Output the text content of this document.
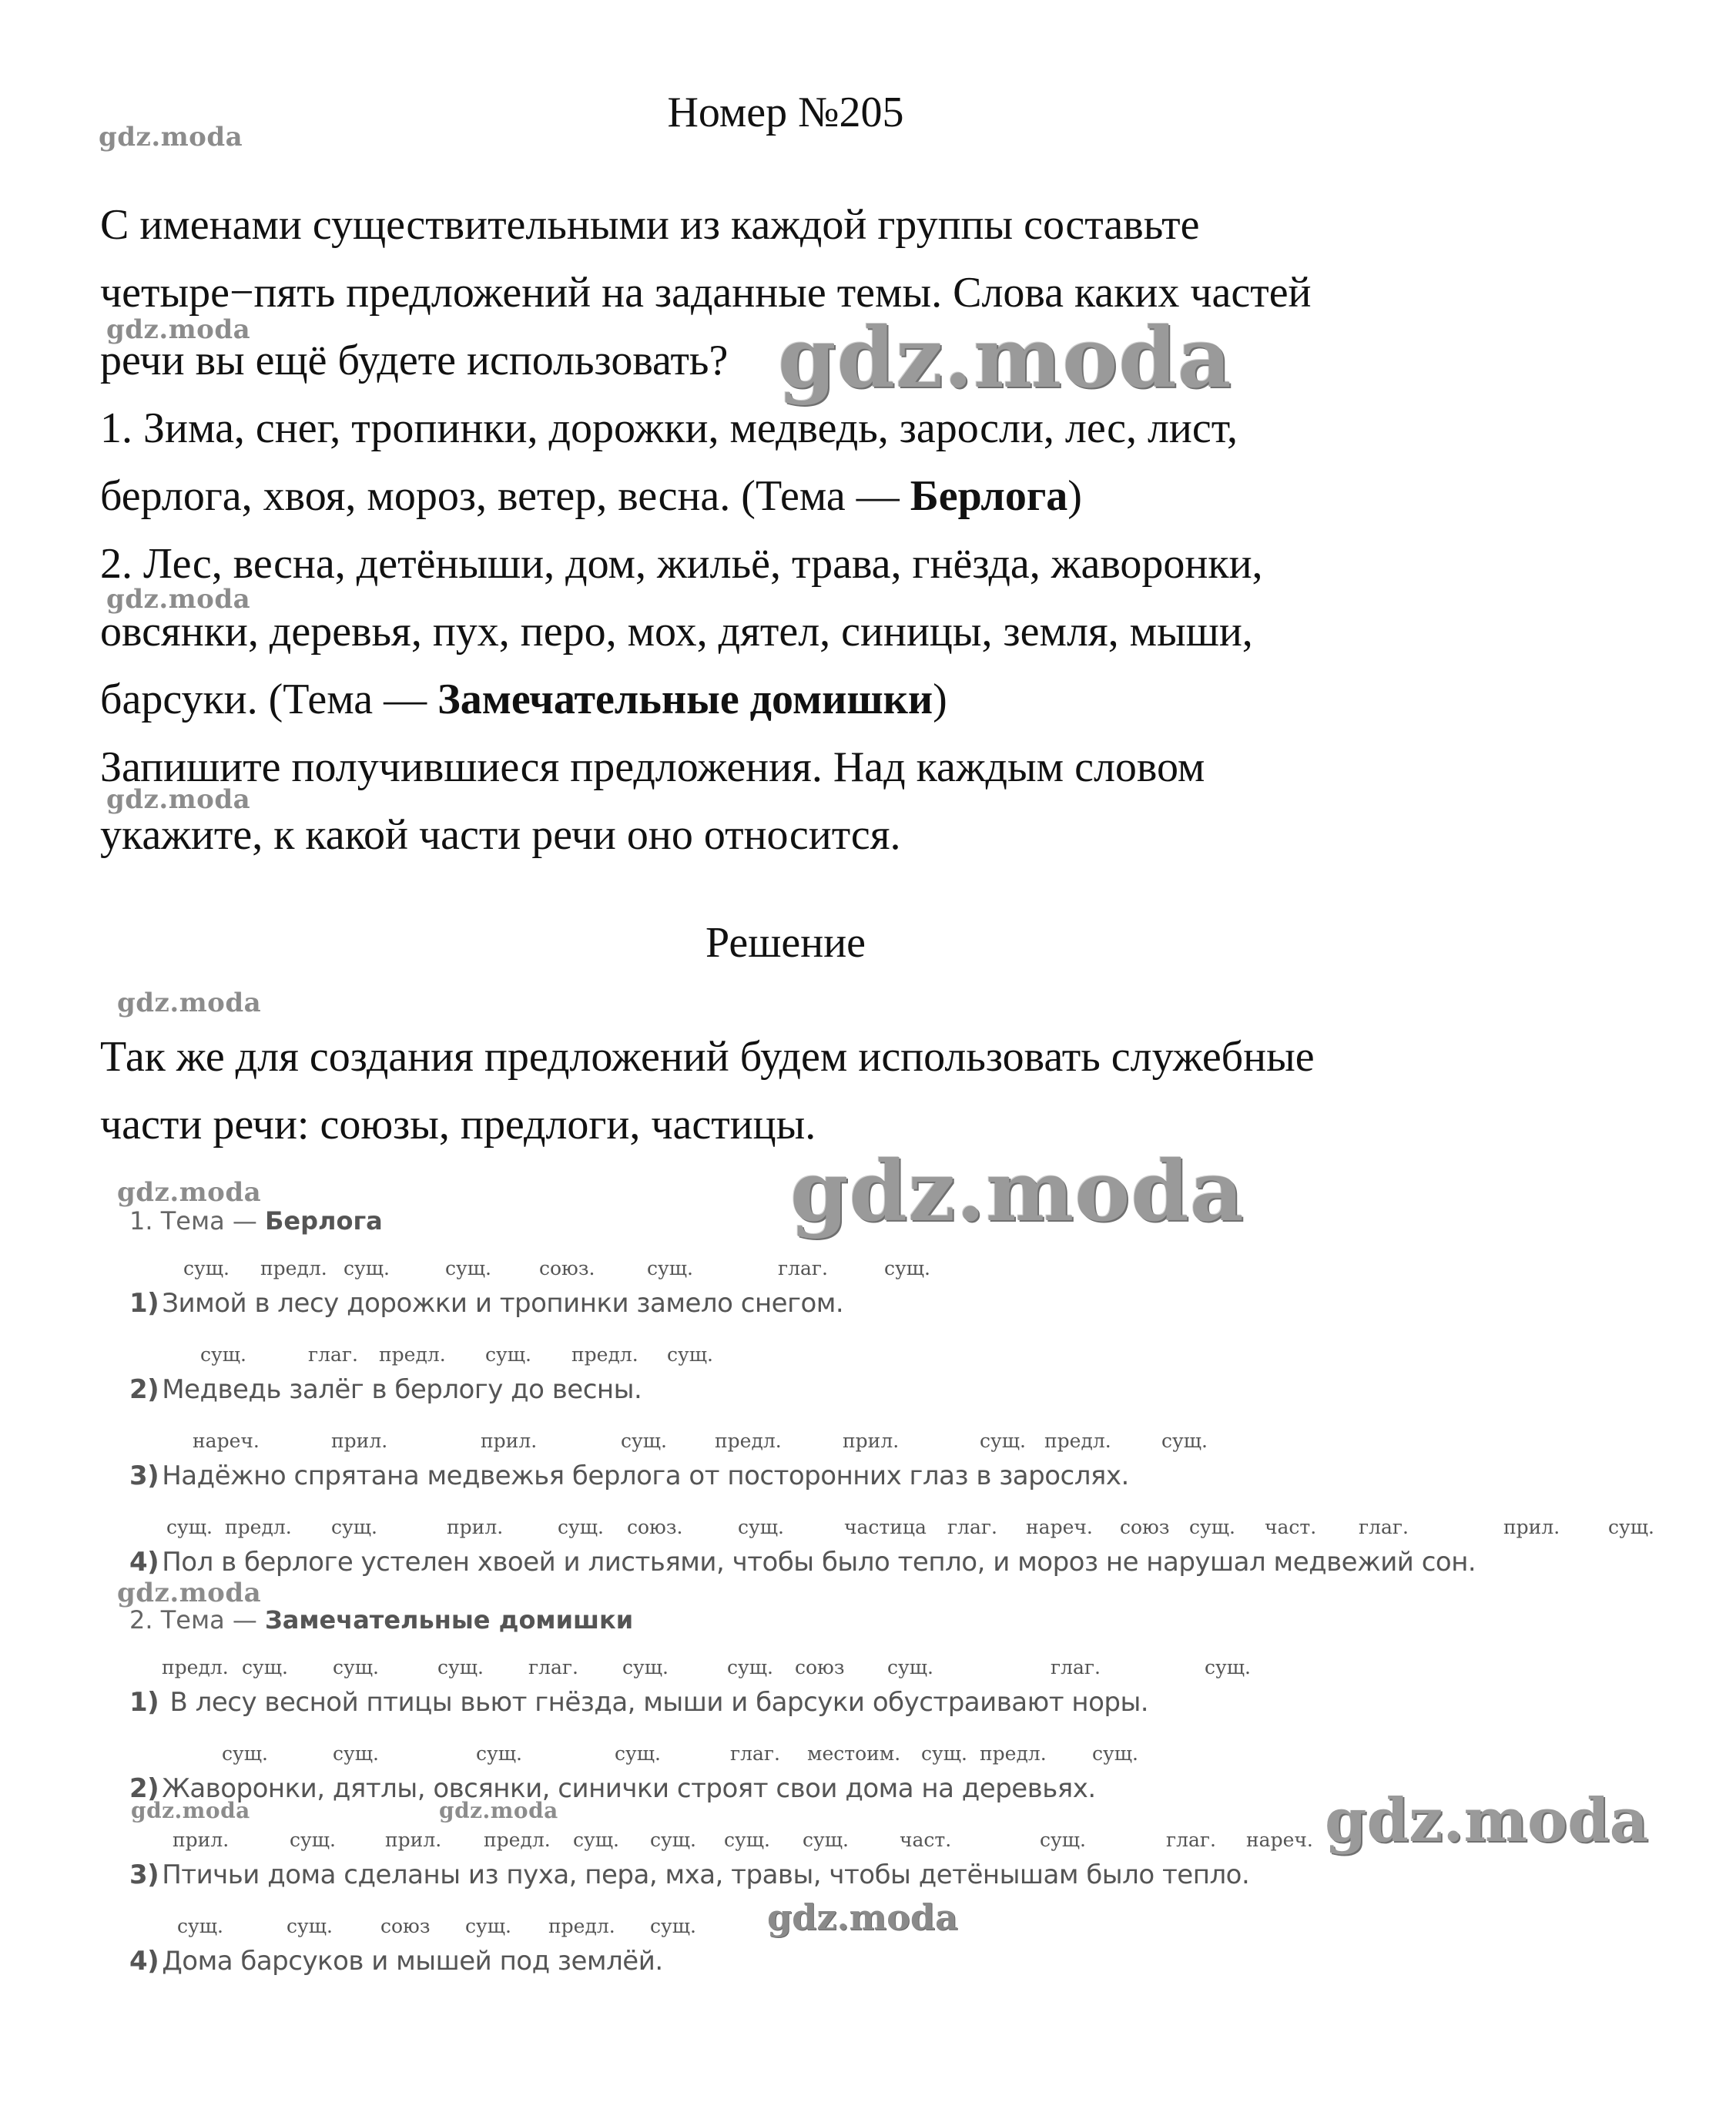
Номер №205
С именами существительными из каждой группы составьте
четыре−пять предложений на заданные темы. Слова каких частей
речи вы ещё будете использовать?
1. Зима, снег, тропинки, дорожки, медведь, заросли, лес, лист,
берлога, хвоя, мороз, ветер, весна. (Тема — Берлога)
2. Лес, весна, детёныши, дом, жильё, трава, гнёзда, жаворонки,
овсянки, деревья, пух, перо, мох, дятел, синицы, земля, мыши,
барсуки. (Тема — Замечательные домишки)
Запишите получившиеся предложения. Над каждым словом
укажите, к какой части речи оно относится.
Решение
Так же для создания предложений будем использовать служебные
части речи: союзы, предлоги, частицы.
1. Тема — Берлога
сущ. предл. сущ.	сущ. союз.	сущ.	глаг.	сущ.
1) Зимой в лесу дорожки и тропинки замело снегом.
сущ.	глаг. предл. сущ. предл. сущ.
2) Медведь залёг в берлогу до весны.
нареч.	прил.	прил.	сущ. предл.	прил.	сущ. предл.	сущ.
3) Надёжно спрятана медвежья берлога от посторонних глаз в зарослях.
сущ. предл. сущ.	прил.	сущ. союз.	сущ.	частица глаг. нареч. союз сущ. част. глаг.	прил.	сущ.
4) Пол в берлоге устелен хвоей и листьями, чтобы было тепло, и мороз не нарушал медвежий сон.
2. Тема — Замечательные домишки
предл. сущ. сущ.	сущ. глаг. сущ.	сущ. союз сущ.	глаг.	сущ.
1) В лесу весной птицы вьют гнёзда, мыши и барсуки обустраивают норы.
сущ.	сущ.	сущ.	сущ.	глаг. местоим. сущ. предл. сущ.
2) Жаворонки, дятлы, овсянки, синички строят свои дома на деревьях.
прил.	сущ.	прил. предл. сущ. сущ. сущ. сущ.	част.	сущ.	глаг. нареч.
3) Птичьи дома сделаны из пуха, пера, мха, травы, чтобы детёнышам было тепло.
сущ.	сущ. союз сущ. предл. сущ.
4) Дома барсуков и мышей под землёй.
gdz.moda
gdz.moda	gdz.moda
gdz.moda
gdz.moda
gdz.moda
gdz.moda	gdz.moda
gdz.moda
gdz.moda	gdz.moda	gdz.moda
gdz.moda
